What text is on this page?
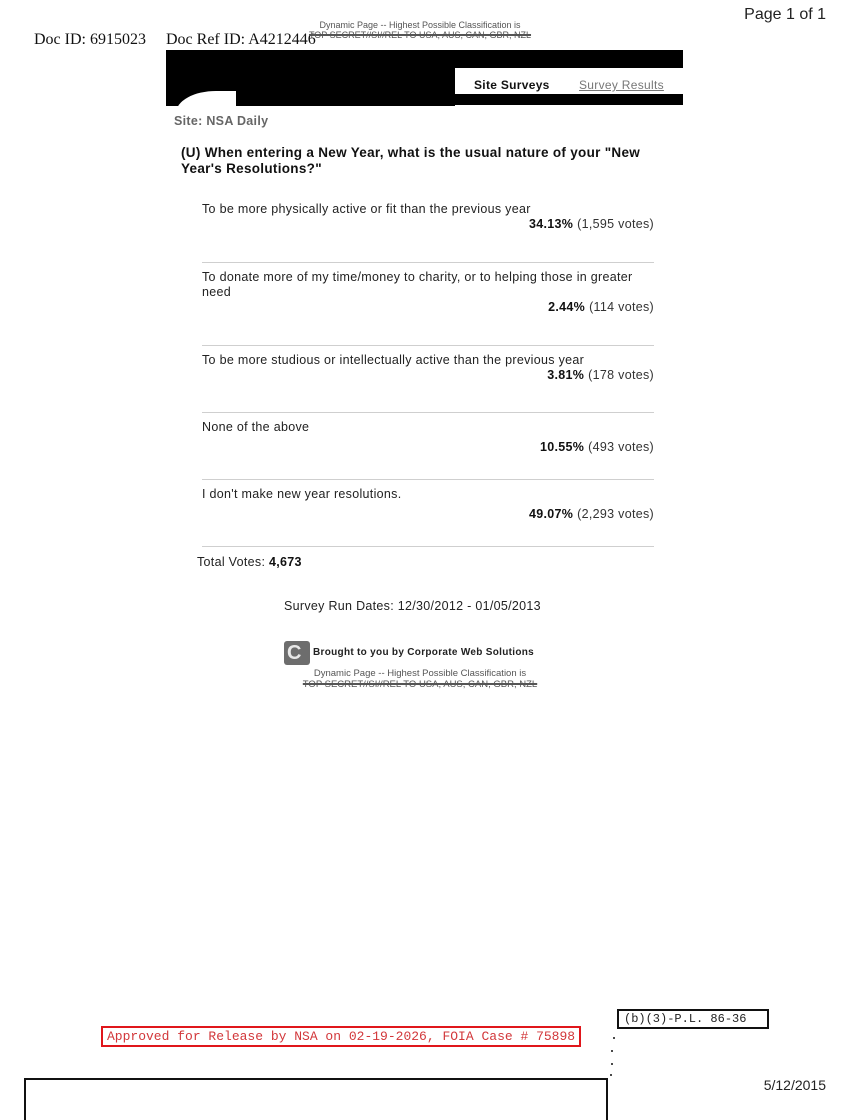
Doc ID: 6915023 Doc Ref ID: A4212446
Page 1 of 1
Dynamic Page -- Highest Possible Classification is
TOP SECRET//SI//REL TO USA, AUS, CAN, GBR, NZL
Site Surveys Survey Results
Site: NSA Daily
(U) When entering a New Year, what is the usual nature of your "New Year's Resolutions?"
To be more physically active or fit than the previous year
34.13% (1,595 votes)
To donate more of my time/money to charity, or to helping those in greater need
2.44% (114 votes)
To be more studious or intellectually active than the previous year
3.81% (178 votes)
None of the above
10.55% (493 votes)
I don't make new year resolutions.
49.07% (2,293 votes)
Total Votes: 4,673
Survey Run Dates: 12/30/2012 - 01/05/2013
C Brought to you by Corporate Web Solutions
Dynamic Page -- Highest Possible Classification is
TOP SECRET//SI//REL TO USA, AUS, CAN, GBR, NZL
Approved for Release by NSA on 02-19-2026, FOIA Case # 75898
(b)(3)-P.L. 86-36
5/12/2015
